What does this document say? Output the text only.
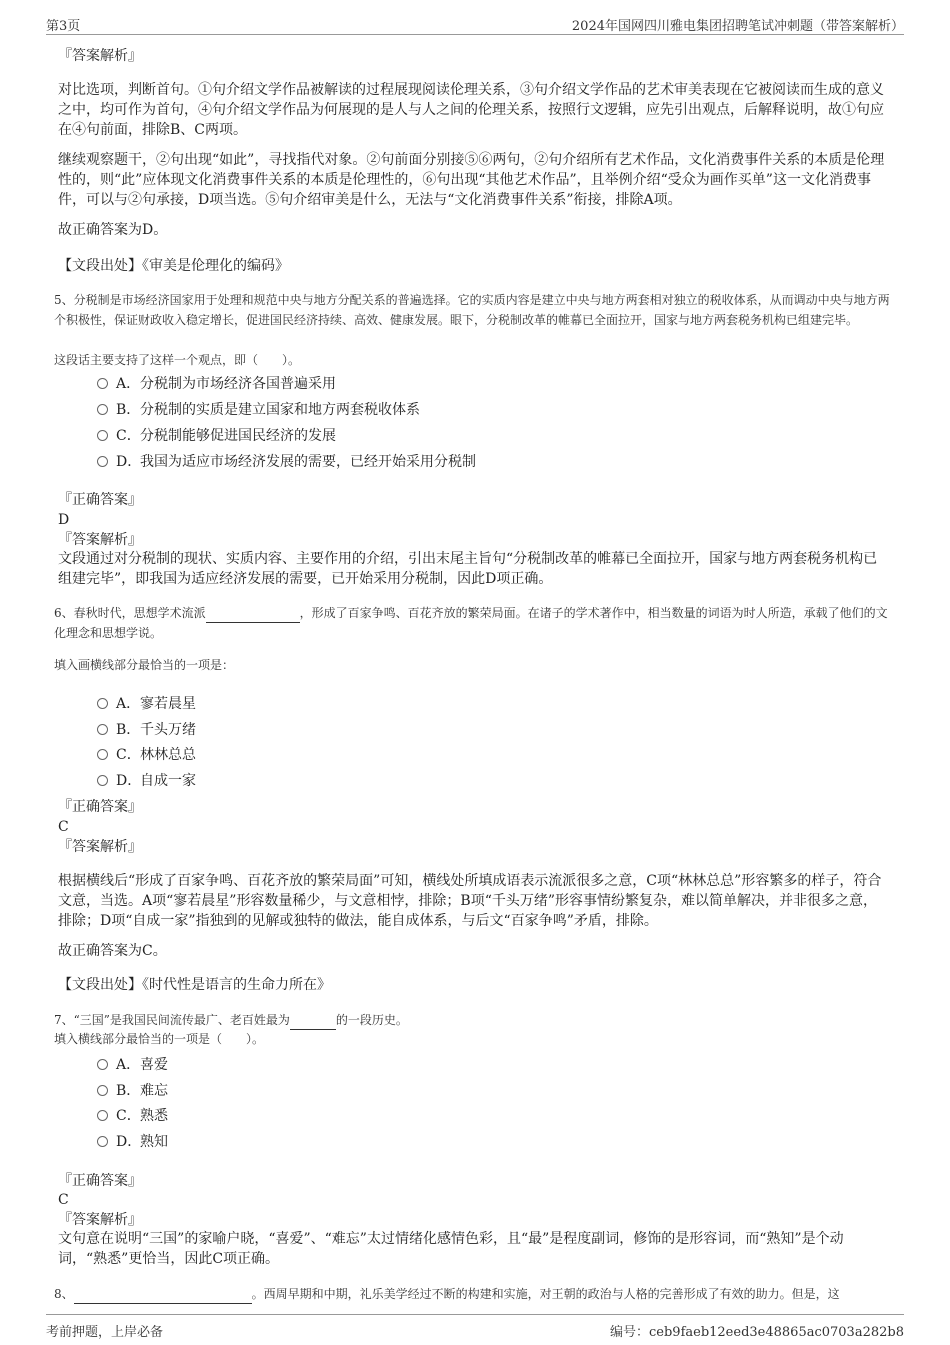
第3页	2024年国网四川雅电集团招聘笔试冲刺题（带答案解析）
『答案解析』
对比选项，判断首句。①句介绍文学作品被解读的过程展现阅读伦理关系，③句介绍文学作品的艺术审美表现在它被阅读而生成的意义之中，均可作为首句，④句介绍文学作品为何展现的是人与人之间的伦理关系，按照行文逻辑，应先引出观点，后解释说明，故①句应在④句前面，排除B、C两项。
继续观察题干，②句出现“如此”，寻找指代对象。②句前面分别接⑤⑥两句，②句介绍所有艺术作品，文化消费事件关系的本质是伦理性的，则“此”应体现文化消费事件关系的本质是伦理性的，⑥句出现“其他艺术作品”，且举例介绍“受众为画作买单”这一文化消费事件，可以与②句承接，D项当选。⑤句介绍审美是什么，无法与“文化消费事件关系”衔接，排除A项。
故正确答案为D。
【文段出处】《审美是伦理化的编码》
5、分税制是市场经济国家用于处理和规范中央与地方分配关系的普遍选择。它的实质内容是建立中央与地方两套相对独立的税收体系，从而调动中央与地方两个积极性，保证财政收入稳定增长，促进国民经济持续、高效、健康发展。眼下，分税制改革的帷幕已全面拉开，国家与地方两套税务机构已组建完毕。
这段话主要支持了这样一个观点，即（　　）。
A．分税制为市场经济各国普遍采用
B．分税制的实质是建立国家和地方两套税收体系
C．分税制能够促进国民经济的发展
D．我国为适应市场经济发展的需要，已经开始采用分税制
『正确答案』
D
『答案解析』
文段通过对分税制的现状、实质内容、主要作用的介绍，引出末尾主旨句“分税制改革的帷幕已全面拉开，国家与地方两套税务机构已组建完毕”，即我国为适应经济发展的需要，已开始采用分税制，因此D项正确。
6、春秋时代，思想学术流派	，形成了百家争鸣、百花齐放的繁荣局面。在诸子的学术著作中，相当数量的词语为时人所造，承载了他们的文化理念和思想学说。
填入画横线部分最恰当的一项是：
A．寥若晨星
B．千头万绪
C．林林总总
D．自成一家
『正确答案』
C
『答案解析』
根据横线后“形成了百家争鸣、百花齐放的繁荣局面”可知，横线处所填成语表示流派很多之意，C项“林林总总”形容繁多的样子，符合文意，当选。A项“寥若晨星”形容数量稀少，与文意相悖，排除；B项“千头万绪”形容事情纷繁复杂，难以简单解决，并非很多之意，排除；D项“自成一家”指独到的见解或独特的做法，能自成体系，与后文“百家争鸣”矛盾，排除。
故正确答案为C。
【文段出处】《时代性是语言的生命力所在》
7、“三国”是我国民间流传最广、老百姓最为	的一段历史。
填入横线部分最恰当的一项是（　　）。
A．喜爱
B．难忘
C．熟悉
D．熟知
『正确答案』
C
『答案解析』
文句意在说明“三国”的家喻户晓，“喜爱”、“难忘”太过情绪化感情色彩，且“最”是程度副词，修饰的是形容词，而“熟知”是个动词，“熟悉”更恰当，因此C项正确。
8、	。西周早期和中期，礼乐美学经过不断的构建和实施，对王朝的政治与人格的完善形成了有效的助力。但是，这
考前押题，上岸必备	编号：ceb9faeb12eed3e48865ac0703a282b8
